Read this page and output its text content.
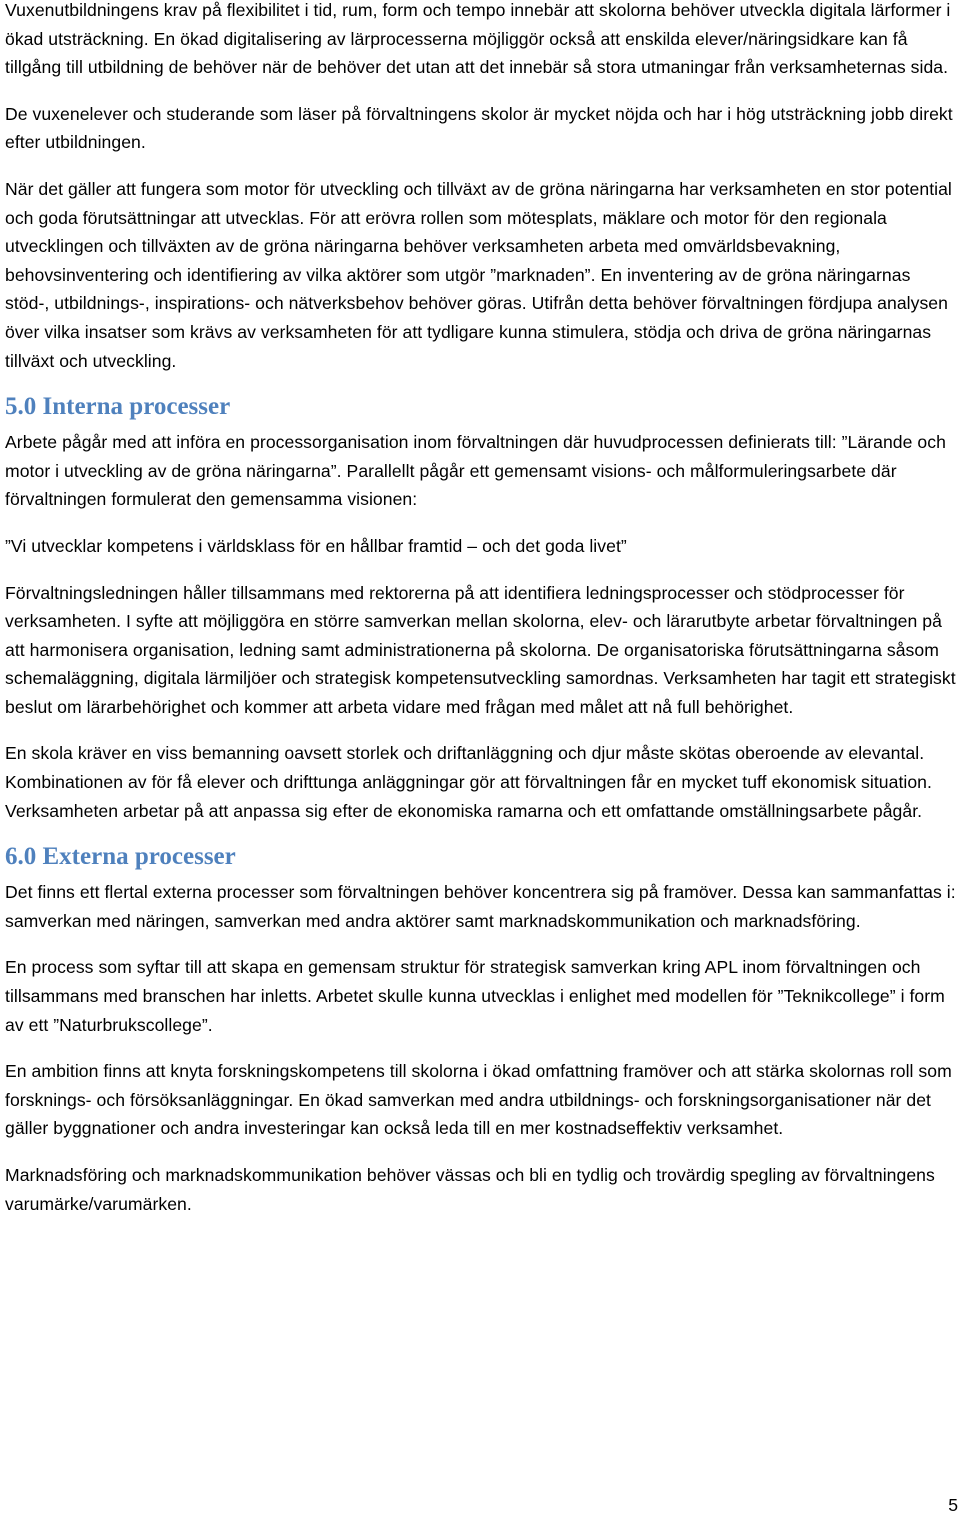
Vuxenutbildningens krav på flexibilitet i tid, rum, form och tempo innebär att skolorna behöver utveckla digitala lärformer i ökad utsträckning. En ökad digitalisering av lärprocesserna möjliggör också att enskilda elever/näringsidkare kan få tillgång till utbildning de behöver när de behöver det utan att det innebär så stora utmaningar från verksamheternas sida.

De vuxenelever och studerande som läser på förvaltningens skolor är mycket nöjda och har i hög utsträckning jobb direkt efter utbildningen.

När det gäller att fungera som motor för utveckling och tillväxt av de gröna näringarna har verksamheten en stor potential och goda förutsättningar att utvecklas. För att erövra rollen som mötesplats, mäklare och motor för den regionala utvecklingen och tillväxten av de gröna näringarna behöver verksamheten arbeta med omvärldsbevakning, behovsinventering och identifiering av vilka aktörer som utgör ”marknaden”. En inventering av de gröna näringarnas stöd-, utbildnings-, inspirations- och nätverksbehov behöver göras. Utifrån detta behöver förvaltningen fördjupa analysen över vilka insatser som krävs av verksamheten för att tydligare kunna stimulera, stödja och driva de gröna näringarnas tillväxt och utveckling.

5.0 Interna processer

Arbete pågår med att införa en processorganisation inom förvaltningen där huvudprocessen definierats till: ”Lärande och motor i utveckling av de gröna näringarna”. Parallellt pågår ett gemensamt visions- och målformuleringsarbete där förvaltningen formulerat den gemensamma visionen:

”Vi utvecklar kompetens i världsklass för en hållbar framtid – och det goda livet”

Förvaltningsledningen håller tillsammans med rektorerna på att identifiera ledningsprocesser och stödprocesser för verksamheten. I syfte att möjliggöra en större samverkan mellan skolorna, elev- och lärarutbyte arbetar förvaltningen på att harmonisera organisation, ledning samt administrationerna på skolorna. De organisatoriska förutsättningarna såsom schemaläggning, digitala lärmiljöer och strategisk kompetensutveckling samordnas. Verksamheten har tagit ett strategiskt beslut om lärarbehörighet och kommer att arbeta vidare med frågan med målet att nå full behörighet.

En skola kräver en viss bemanning oavsett storlek och driftanläggning och djur måste skötas oberoende av elevantal. Kombinationen av för få elever och drifttunga anläggningar gör att förvaltningen får en mycket tuff ekonomisk situation. Verksamheten arbetar på att anpassa sig efter de ekonomiska ramarna och ett omfattande omställningsarbete pågår.

6.0 Externa processer

Det finns ett flertal externa processer som förvaltningen behöver koncentrera sig på framöver. Dessa kan sammanfattas i: samverkan med näringen, samverkan med andra aktörer samt marknadskommunikation och marknadsföring.

En process som syftar till att skapa en gemensam struktur för strategisk samverkan kring APL inom förvaltningen och tillsammans med branschen har inletts. Arbetet skulle kunna utvecklas i enlighet med modellen för ”Teknikcollege” i form av ett ”Naturbrukscollege”.

En ambition finns att knyta forskningskompetens till skolorna i ökad omfattning framöver och att stärka skolornas roll som forsknings- och försöksanläggningar. En ökad samverkan med andra utbildnings- och forskningsorganisationer när det gäller byggnationer och andra investeringar kan också leda till en mer kostnadseffektiv verksamhet.

Marknadsföring och marknadskommunikation behöver vässas och bli en tydlig och trovärdig spegling av förvaltningens varumärke/varumärken.

5
